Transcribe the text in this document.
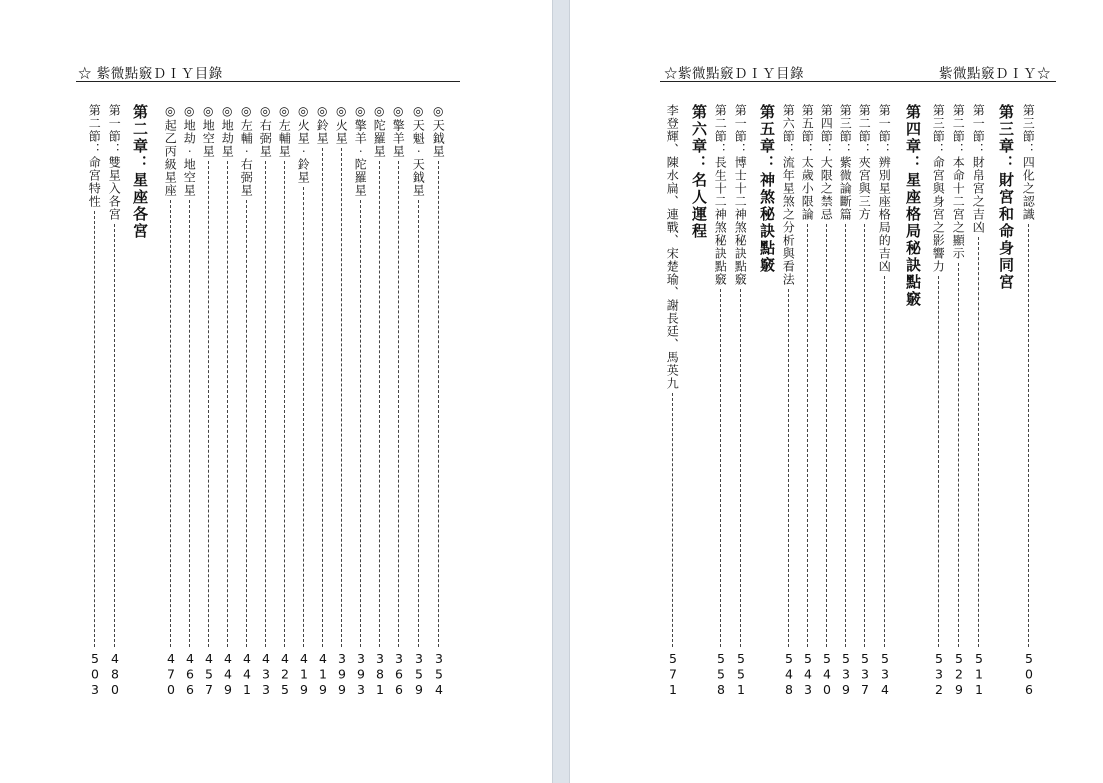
☆ 紫微點竅ＤＩＹ目錄
◎天鉞星
354
◎天魁‧天鉞星
359
◎擎羊星
366
◎陀羅星
381
◎擎羊‧陀羅星
393
◎火星
399
◎鈴星
419
◎火星‧鈴星
419
◎左輔星
425
◎右弼星
433
◎左輔‧右弼星
441
◎地劫星
449
◎地空星
457
◎地劫‧地空星
466
◎起乙丙級星座
470
第二章：星座各宮
第一節：雙星入各宮
480
第二節：命宮特性
503
☆紫微點竅ＤＩＹ目錄	紫微點竅ＤＩＹ☆
第三節：四化之認識
506
第三章：財宮和命身同宮
第一節：財帛宮之吉凶
511
第二節：本命十二宮之顯示
529
第三節：命宮與身宮之影響力
532
第四章：星座格局秘訣點竅
第一節：辨別星座格局的吉凶
534
第二節：夾宮與三方
537
第三節：紫微論斷篇
539
第四節：大限之禁忌
540
第五節：太歲小限論
543
第六節：流年星煞之分析與看法
548
第五章：神煞秘訣點竅
第一節：博士十二神煞秘訣點竅
551
第二節：長生十二神煞秘訣點竅
558
第六章：名人運程
李登輝、陳水扁、連戰、宋楚瑜、謝長廷、馬英九
571
